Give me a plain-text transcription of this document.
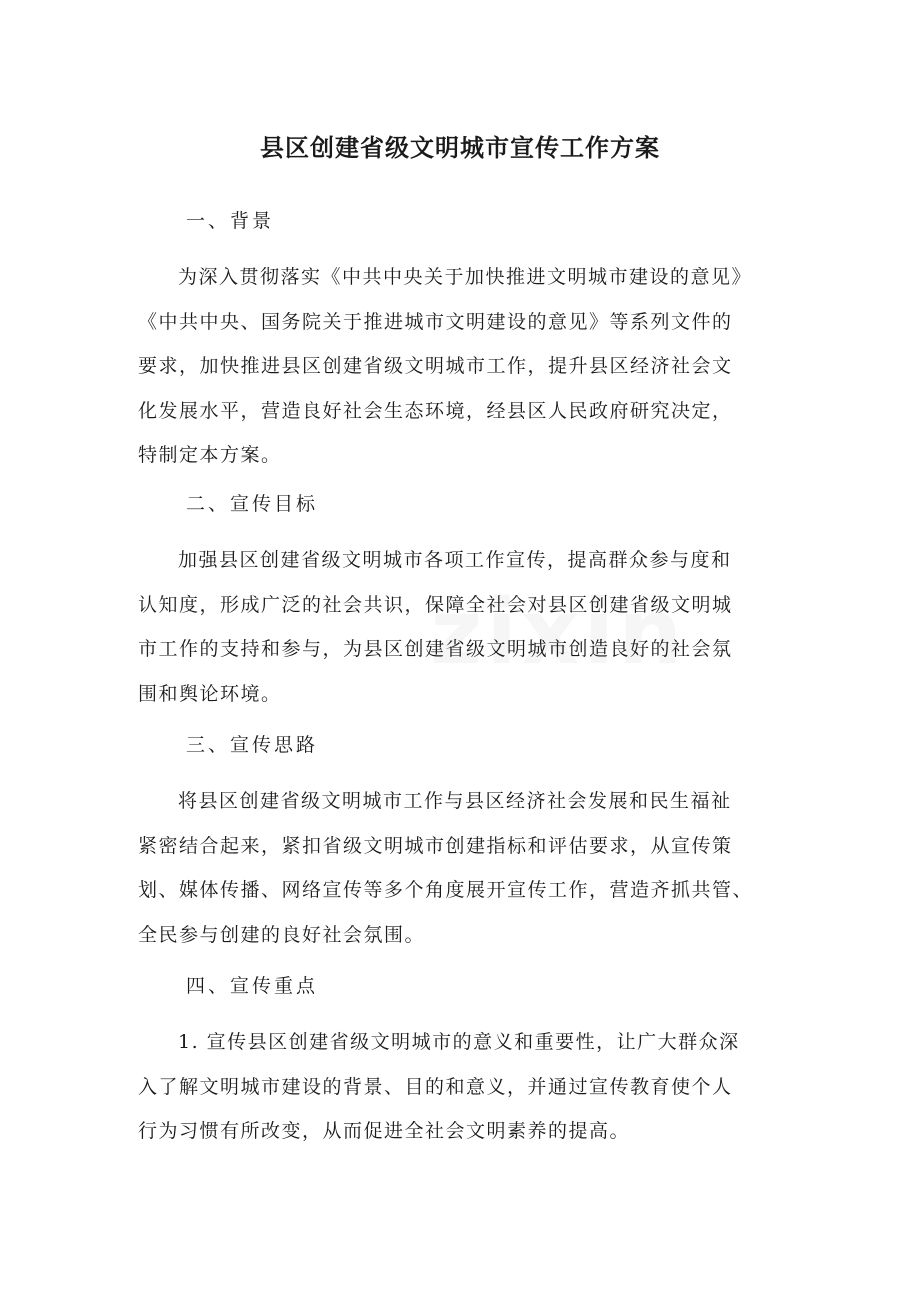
县区创建省级文明城市宣传工作方案
一、背景
为深入贯彻落实《中共中央关于加快推进文明城市建设的意见》
《中共中央、国务院关于推进城市文明建设的意见》等系列文件的
要求，加快推进县区创建省级文明城市工作，提升县区经济社会文
化发展水平，营造良好社会生态环境，经县区人民政府研究决定，
特制定本方案。
二、宣传目标
加强县区创建省级文明城市各项工作宣传，提高群众参与度和
认知度，形成广泛的社会共识，保障全社会对县区创建省级文明城
市工作的支持和参与，为县区创建省级文明城市创造良好的社会氛
围和舆论环境。
三、宣传思路
将县区创建省级文明城市工作与县区经济社会发展和民生福祉
紧密结合起来，紧扣省级文明城市创建指标和评估要求，从宣传策
划、媒体传播、网络宣传等多个角度展开宣传工作，营造齐抓共管、
全民参与创建的良好社会氛围。
四、宣传重点
1. 宣传县区创建省级文明城市的意义和重要性，让广大群众深
入了解文明城市建设的背景、目的和意义，并通过宣传教育使个人
行为习惯有所改变，从而促进全社会文明素养的提高。
